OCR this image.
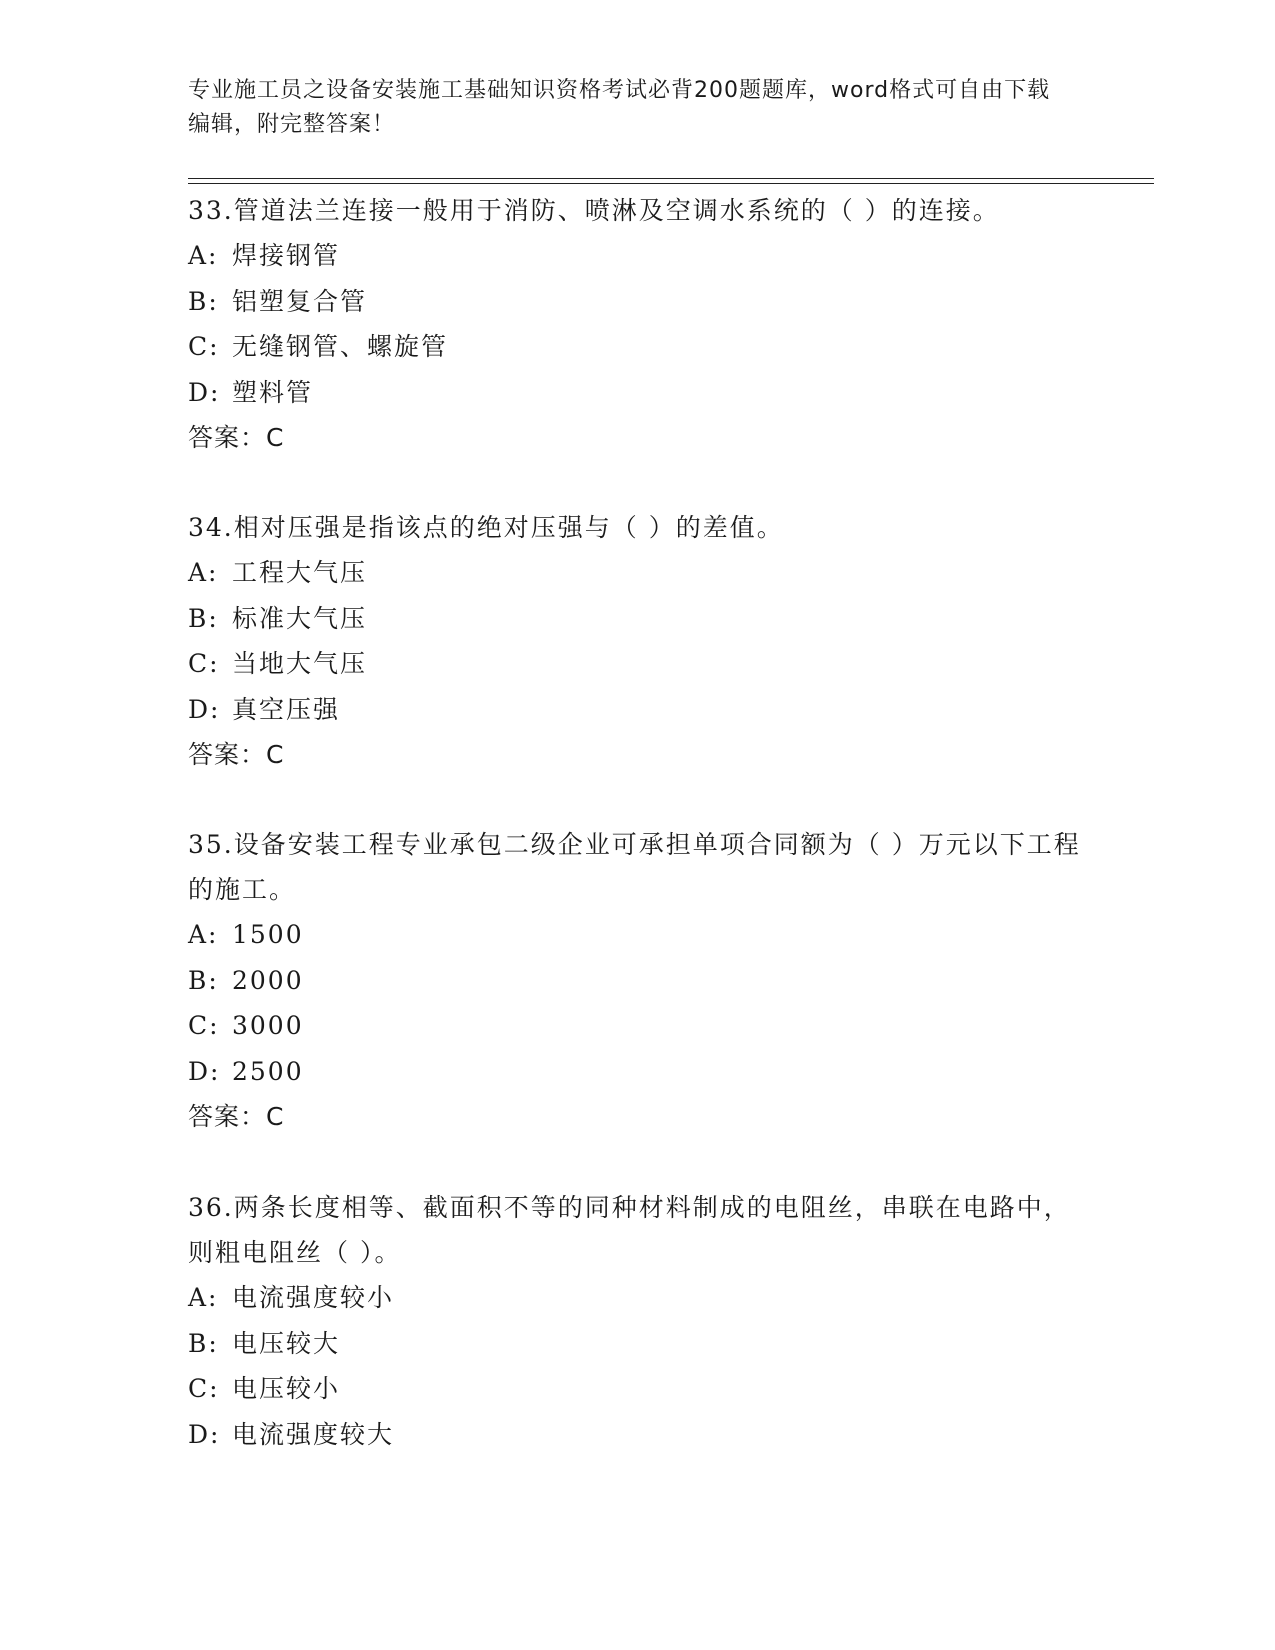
专业施工员之设备安装施工基础知识资格考试必背200题题库，word格式可自由下载编辑，附完整答案！

33.管道法兰连接一般用于消防、喷淋及空调水系统的（ ）的连接。

A: 焊接钢管

B: 铝塑复合管

C: 无缝钢管、螺旋管

D: 塑料管

答案：C

34.相对压强是指该点的绝对压强与（ ）的差值。

A: 工程大气压

B: 标准大气压

C: 当地大气压

D: 真空压强

答案：C

35.设备安装工程专业承包二级企业可承担单项合同额为（ ）万元以下工程的施工。

A: 1500

B: 2000

C: 3000

D: 2500

答案：C

36.两条长度相等、截面积不等的同种材料制成的电阻丝，串联在电路中，则粗电阻丝（ ）。

A: 电流强度较小

B: 电压较大

C: 电压较小

D: 电流强度较大
